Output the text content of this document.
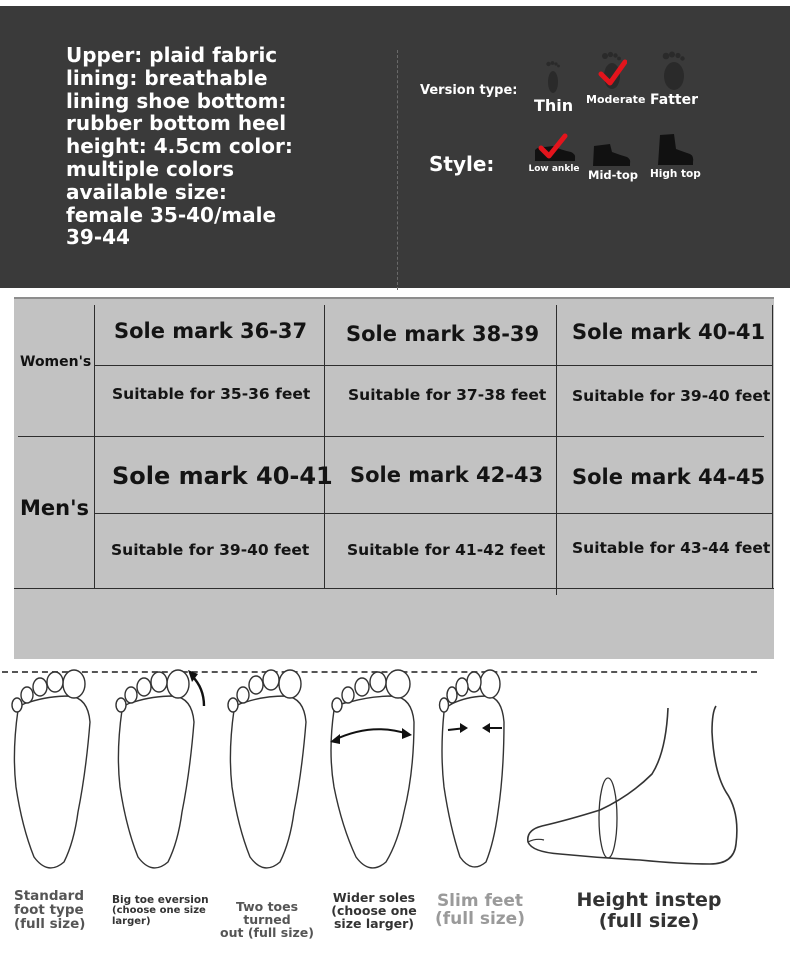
Upper: plaid fabric
lining: breathable
lining shoe bottom:
rubber bottom heel
height: 4.5cm color:
multiple colors
available size:
female 35-40/male
39-44
Version type:
Thin Moderate Fatter
Style:	Low ankle Mid-top High top
Women's
Sole mark 36-37 Sole mark 38-39 Sole mark 40-41
Suitable for 35-36 feet Suitable for 37-38 feet Suitable for 39-40 feet
Men's
Sole mark 40-41 Sole mark 42-43 Sole mark 44-45
Suitable for 39-40 feet Suitable for 41-42 feet Suitable for 43-44 feet
Standard
foot type
(full size)
Big toe eversion
(choose one size
larger)
Two toes turned
out (full size)
Wider soles
(choose one
size larger)
Slim feet
(full size)
Height instep
(full size)
